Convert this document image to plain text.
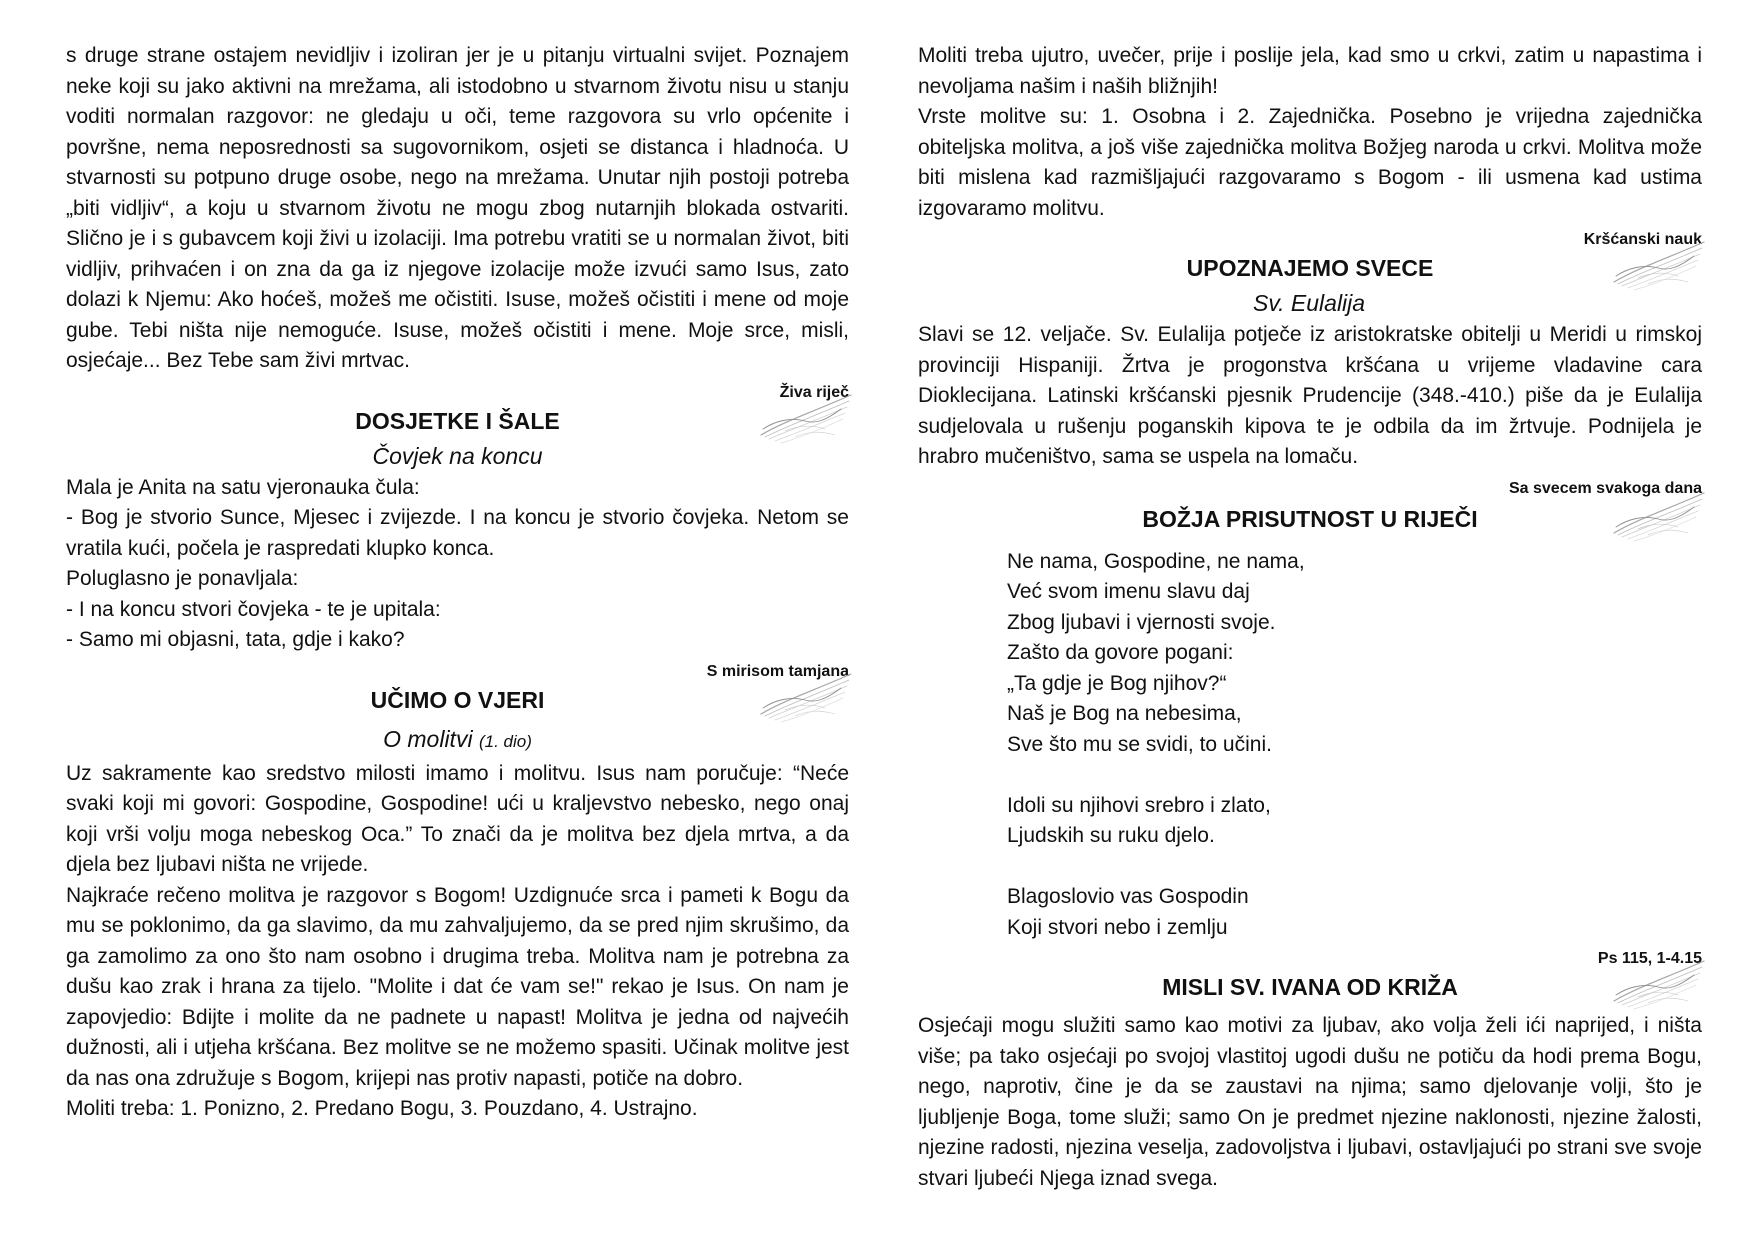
s druge strane ostajem nevidljiv i izoliran jer je u pitanju virtualni svijet. Poznajem neke koji su jako aktivni na mrežama, ali istodobno u stvarnom životu nisu u stanju voditi normalan razgovor: ne gledaju u oči, teme razgovora su vrlo općenite i površne, nema neposrednosti sa sugovornikom, osjeti se distanca i hladnoća. U stvarnosti su potpuno druge osobe, nego na mrežama. Unutar njih postoji potreba „biti vidljiv“, a koju u stvarnom životu ne mogu zbog nutarnjih blokada ostvariti. Slično je i s gubavcem koji živi u izolaciji. Ima potrebu vratiti se u normalan život, biti vidljiv, prihvaćen i on zna da ga iz njegove izolacije može izvući samo Isus, zato dolazi k Njemu: Ako hoćeš, možeš me očistiti. Isuse, možeš očistiti i mene od moje gube. Tebi ništa nije nemoguće. Isuse, možeš očistiti i mene. Moje srce, misli, osjećaje... Bez Tebe sam živi mrtvac.

Živa riječ
DOSJETKE I ŠALE

Čovjek na koncu

Mala je Anita na satu vjeronauka čula:

- Bog je stvorio Sunce, Mjesec i zvijezde. I na koncu je stvorio čovjeka. Netom se vratila kući, počela je raspredati klupko konca.

Poluglasno je ponavljala:

- I na koncu stvori čovjeka - te je upitala:

- Samo mi objasni, tata, gdje i kako?

S mirisom tamjana
UČIMO O VJERI

O molitvi (1. dio)

Uz sakramente kao sredstvo milosti imamo i molitvu. Isus nam poručuje: “Neće svaki koji mi govori: Gospodine, Gospodine! ući u kraljevstvo nebesko, nego onaj koji vrši volju moga nebeskog Oca.” To znači da je molitva bez djela mrtva, a da djela bez ljubavi ništa ne vrijede.

Najkraće rečeno molitva je razgovor s Bogom! Uzdignuće srca i pameti k Bogu da mu se poklonimo, da ga slavimo, da mu zahvaljujemo, da se pred njim skrušimo, da ga zamolimo za ono što nam osobno i drugima treba. Molitva nam je potrebna za dušu kao zrak i hrana za tijelo. "Molite i dat će vam se!" rekao je Isus. On nam je zapovjedio: Bdijte i molite da ne padnete u napast! Molitva je jedna od najvećih dužnosti, ali i utjeha kršćana. Bez molitve se ne možemo spasiti. Učinak molitve jest da nas ona združuje s Bogom, krijepi nas protiv napasti, potiče na dobro.

Moliti treba: 1. Ponizno, 2. Predano Bogu, 3. Pouzdano, 4. Ustrajno.

Moliti treba ujutro, uvečer, prije i poslije jela, kad smo u crkvi, zatim u napastima i nevoljama našim i naših bližnjih!

Vrste molitve su: 1. Osobna i 2. Zajednička. Posebno je vrijedna zajednička obiteljska molitva, a još više zajednička molitva Božjeg naroda u crkvi. Molitva može biti mislena kad razmišljajući razgovaramo s Bogom - ili usmena kad ustima izgovaramo molitvu.

Kršćanski nauk
UPOZNAJEMO SVECE

Sv. Eulalija

Slavi se 12. veljače. Sv. Eulalija potječe iz aristokratske obitelji u Meridi u rimskoj provinciji Hispaniji. Žrtva je progonstva kršćana u vrijeme vladavine cara Dioklecijana. Latinski kršćanski pjesnik Prudencije (348.-410.) piše da je Eulalija sudjelovala u rušenju poganskih kipova te je odbila da im žrtvuje. Podnijela je hrabro mučeništvo, sama se uspela na lomaču.

Sa svecem svakoga dana
BOŽJA PRISUTNOST U RIJEČI

Ne nama, Gospodine, ne nama,

Već svom imenu slavu daj

Zbog ljubavi i vjernosti svoje.

Zašto da govore pogani:

„Ta gdje je Bog njihov?“

Naš je Bog na nebesima,

Sve što mu se svidi, to učini.

Idoli su njihovi srebro i zlato,

Ljudskih su ruku djelo.

Blagoslovio vas Gospodin

Koji stvori nebo i zemlju

Ps 115, 1-4.15
MISLI SV. IVANA OD KRIŽA

Osjećaji mogu služiti samo kao motivi za ljubav, ako volja želi ići naprijed, i ništa više; pa tako osjećaji po svojoj vlastitoj ugodi dušu ne potiču da hodi prema Bogu, nego, naprotiv, čine je da se zaustavi na njima; samo djelovanje volji, što je ljubljenje Boga, tome služi; samo On je predmet njezine naklonosti, njezine žalosti, njezine radosti, njezina veselja, zadovoljstva i ljubavi, ostavljajući po strani sve svoje stvari ljubeći Njega iznad svega.
